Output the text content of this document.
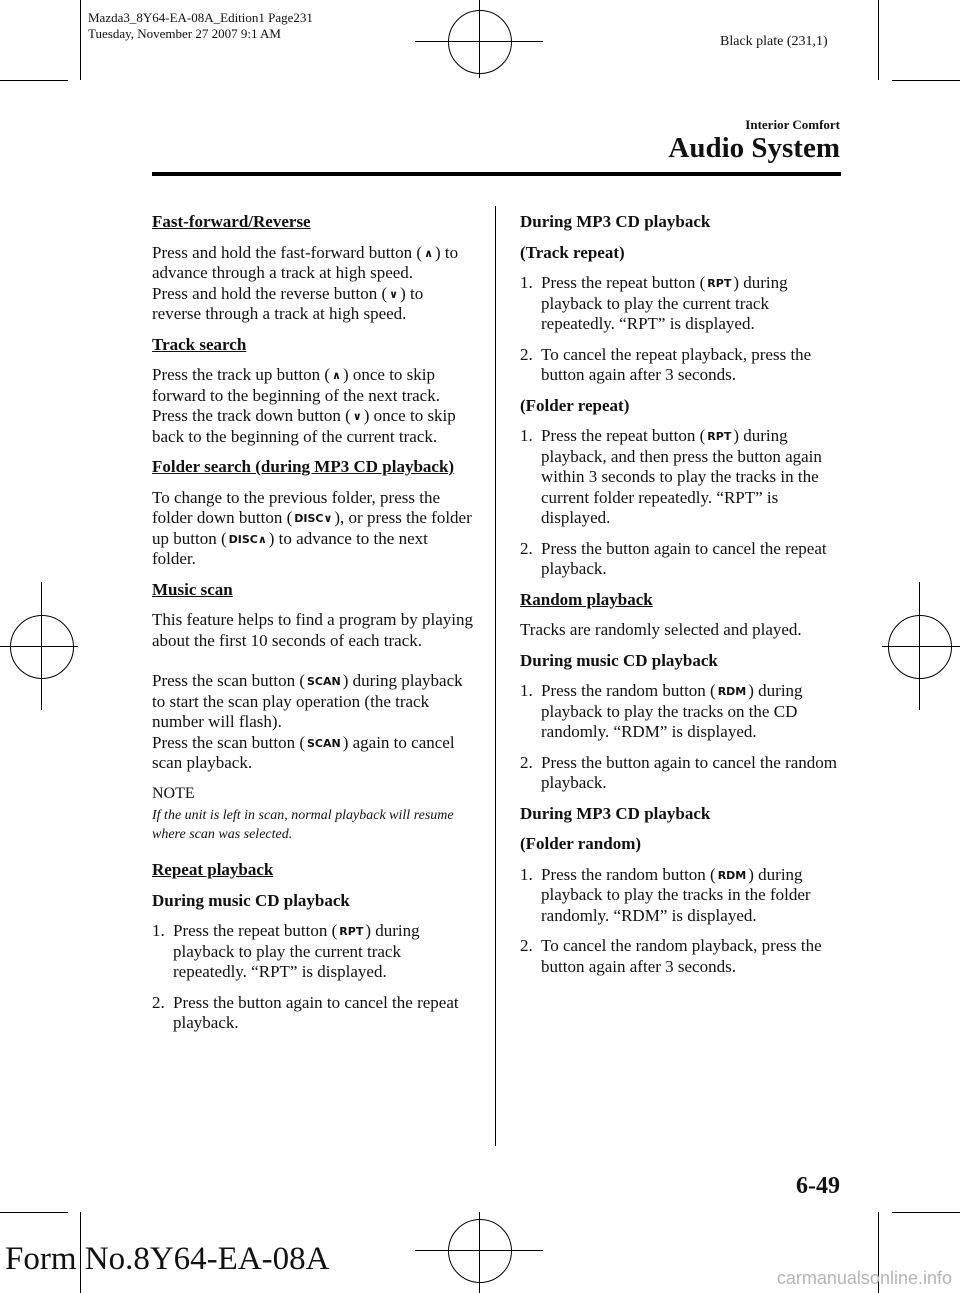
Mazda3_8Y64-EA-08A_Edition1 Page231
Tuesday, November 27 2007 9:1 AM
Black plate (231,1)
Interior Comfort
Audio System
Fast-forward/Reverse

Press and hold the fast-forward button ( ∧ ) to advance through a track at high speed.
Press and hold the reverse button ( ∨ ) to reverse through a track at high speed.

Track search

Press the track up button ( ∧ ) once to skip forward to the beginning of the next track.
Press the track down button ( ∨ ) once to skip back to the beginning of the current track.

Folder search (during MP3 CD playback)

To change to the previous folder, press the folder down button ( DISC∨ ), or press the folder up button ( DISC∧ ) to advance to the next folder.

Music scan

This feature helps to find a program by playing about the first 10 seconds of each track.

Press the scan button ( SCAN ) during playback to start the scan play operation (the track number will flash).
Press the scan button ( SCAN ) again to cancel scan playback.

NOTE
If the unit is left in scan, normal playback will resume where scan was selected.
Repeat playback
During music CD playback
1. Press the repeat button ( RPT ) during playback to play the current track repeatedly. “RPT” is displayed.
2. Press the button again to cancel the repeat playback.
During MP3 CD playback
(Track repeat)
1. Press the repeat button ( RPT ) during playback to play the current track repeatedly. “RPT” is displayed.
2. To cancel the repeat playback, press the button again after 3 seconds.
(Folder repeat)
1. Press the repeat button ( RPT ) during playback, and then press the button again within 3 seconds to play the tracks in the current folder repeatedly. “RPT” is displayed.
2. Press the button again to cancel the repeat playback.
Random playback

Tracks are randomly selected and played.

During music CD playback
1. Press the random button ( RDM ) during playback to play the tracks on the CD randomly. “RDM” is displayed.
2. Press the button again to cancel the random playback.
During MP3 CD playback
(Folder random)
1. Press the random button ( RDM ) during playback to play the tracks in the folder randomly. “RDM” is displayed.
2. To cancel the random playback, press the button again after 3 seconds.
6-49
Form No.8Y64-EA-08A
carmanualsonline.info
